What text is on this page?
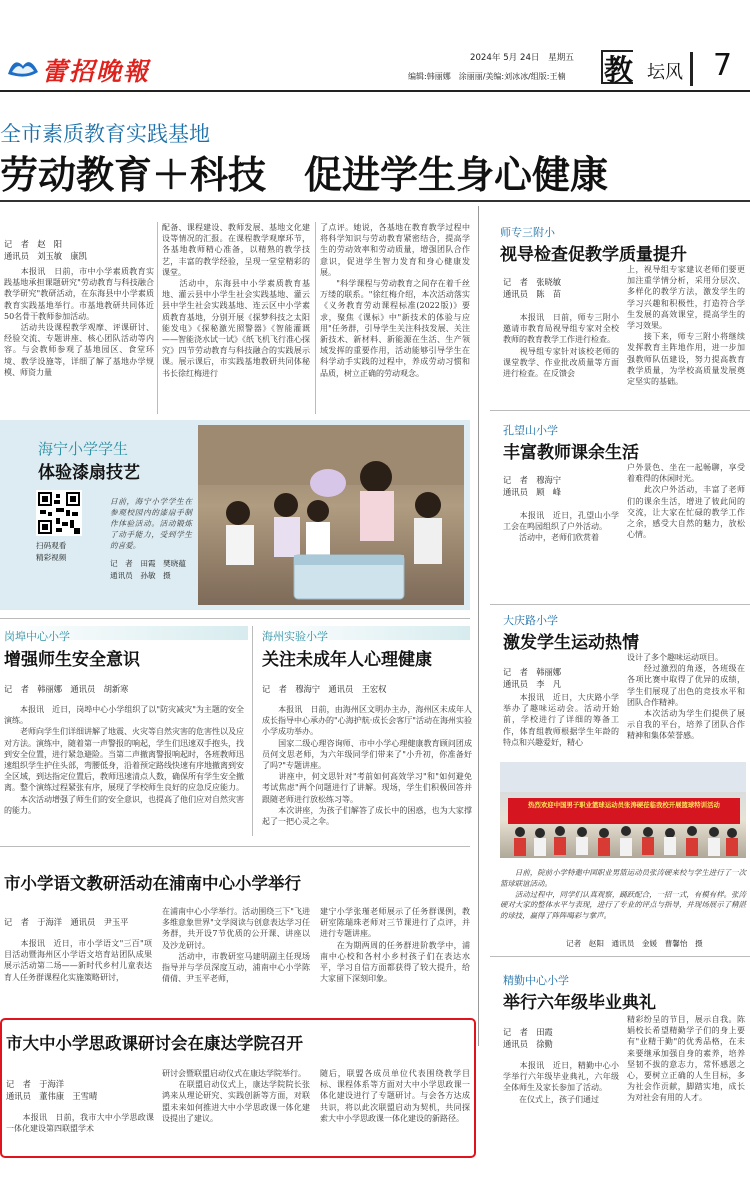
蕾招晚報	2024年 5月 24日　星期五
编辑:韩丽娜　涂丽丽/美编:刘冰冰/组版:王楠	教 坛风 7
全市素质教育实践基地
劳动教育＋科技　促进学生身心健康
记　者　赵　阳
通讯员　刘玉敏　康凯
　　本报讯　日前，市中小学素质教育实践基地承担课题研究"劳动教育与科技融合教学研究"教研活动，在东海县中小学素质教育实践基地举行。市基地教研共同体近50名骨干教师参加活动。
　　活动共设课程教学观摩、评课研讨、经验交流、专题讲座、核心团队活动等内容。与会教师参观了基地园区、食堂环境、教学设施等，详细了解了基地办学规模、师资力量
配备、课程建设、教师发展、基地文化建设等情况的汇报。在课程教学观摩环节，各基地教师精心准备，以精熟的教学技艺，丰富的教学经验，呈现一堂堂精彩的课堂。
　　活动中，东海县中小学素质教育基地、灌云县中小学生社会实践基地、灌云县中学生社会实践基地、连云区中小学素质教育基地，分别开展《探梦科技之太阳能发电》《探秘激光照警器》《智能灌溉——智能浇水试一试》《纸飞机飞行准心探究》四节劳动教育与科技融合的实践展示课。展示课后，市实践基地教研共同体秘书长徐红梅进行
了点评。她说，各基地在教育教学过程中将科学知识与劳动教育紧密结合，提高学生的劳动效率和劳动质量，增强团队合作意识，促进学生智力发育和身心健康发展。
　　"科学课程与劳动教育之间存在着千丝万缕的联系。"徐红梅介绍，本次活动落实《义务教育劳动课程标准(2022版)》要求，聚焦《课标》中"新技术的体验与应用"任务群，引导学生关注科技发展、关注新技术、新材料、新能源在生活、生产领域发挥的重要作用，活动能够引导学生在科学动手实践的过程中，养成劳动习惯和品质，树立正确的劳动观念。
师专三附小
视导检查促教学质量提升
记　者　张晓敏
通讯员　陈　苗
　　本报讯　日前，师专三附小邀请市教育局视导组专家对全校教师的教育教学工作进行检查。
　　视导组专家针对该校老师的课堂教学、作业批改质量等方面进行检查。在反馈会
上，视导组专家建议老师们要更加注重学情分析，采用分层次、多样化的教学方法，激发学生的学习兴趣和积极性，打造符合学生发展的高效课堂，提高学生的学习效果。
　　接下来，师专三附小将继续发挥教育主阵地作用，进一步加强教师队伍建设，努力提高教育教学质量，为学校高质量发展奠定坚实的基础。
海宁小学学生
体验漆扇技艺
扫码观看
精彩视频
日前，海宁小学学生在参观校园内的漆扇手制作体验活动。活动锻炼了动手能力，受到学生的喜爱。
记　者　田霞　樊晓蕴
通讯员　孙敏　摄
孔望山小学
丰富教师课余生活
记　者　穆海宁
通讯员　顾　峰
　　本报讯　近日，孔望山小学工会在鸣园组织了户外活动。
　　活动中，老师们欣赏着
户外景色、坐在一起畅聊，享受着难得的休闲时光。
　　此次户外活动，丰富了老师们的课余生活，增进了彼此间的交流，让大家在忙碌的教学工作之余，感受大自然的魅力，放松心情。
岗埠中心小学
增强师生安全意识
记　者　韩丽娜　通讯员　胡新寒
　　本报讯　近日，岗埠中心小学组织了以"防灾减灾"为主题的安全演练。
　　老师向学生们详细讲解了地震、火灾等自然灾害的危害性以及应对方法。演练中，随着第一声警报的响起，学生们迅速双手抱头，找到安全位置，进行紧急避险。当第二声撤离警报响起时，各班教师迅速组织学生护住头部，弯腰低身，沿着预定路线快速有序地撤离到安全区域，到达指定位置后，教师迅速清点人数，确保所有学生安全撤离。整个演练过程紧张有序，展现了学校师生良好的应急反应能力。
　　本次活动增强了师生们的安全意识，也提高了他们应对自然灾害的能力。
海州实验小学
关注未成年人心理健康
记　者　穆海宁　通讯员　王宏权
　　本报讯　日前，由海州区文明办主办，海州区未成年人成长指导中心承办的"心海护航·成长会客厅"活动在海州实验小学成功举办。
　　国家二级心理咨询师、市中小学心理健康教育顾问团成员何文思老师，为六年级同学们带来了"小升初，你准备好了吗?"专题讲座。
　　讲座中，何文思针对"考前如何高效学习"和"如何避免考试焦虑"两个问题进行了讲解。现场，学生们积极回答并跟随老师进行放松练习等。
　　本次讲座，为孩子们解答了成长中的困惑，也为大家撑起了一把心灵之伞。
大庆路小学
激发学生运动热情
记　者　韩丽娜
通讯员　李　凡
　　本报讯　近日，大庆路小学举办了趣味运动会。活动开始前，学校进行了详细的筹备工作，体育组教师根据学生年龄的特点和兴趣爱好，精心
设计了多个趣味运动项目。
　　经过激烈的角逐，各班级在各项比赛中取得了优异的成绩，学生们展现了出色的竞技水平和团队合作精神。
　　本次活动为学生们提供了展示自我的平台，培养了团队合作精神和集体荣誉感。
热烈欢迎中国男子职业篮球运动员张涛硬莅临我校开展篮球特训活动
　　日前，院前小学特邀中国职业男篮运动员张涛硬来校与学生进行了一次篮球联谊活动。
　　活动过程中，同学们认真观察，踊跃配合，一招一式，有模有样。张涛硬对大家的整体水平与表现，进行了专业的评点与指导，并现场展示了精湛的球技，赢得了阵阵喝彩与掌声。
记者　赵阳　通讯员　金媛　曹馨怡　摄
市小学语文教研活动在浦南中心小学举行
记　者　于海洋　通讯员　尹玉平
　　本报讯　近日，市小学语文"三百"项目活动暨海州区小学语文培育站团队成果展示活动第二场——新时代乡村儿童表达育人任务群课程化实施策略研讨，
在浦南中心小学举行。活动围绕三下"飞进多维意象世界"文学阅读与创意表达学习任务群，共开设7节优质的公开课、讲座以及沙龙研讨。
　　活动中，市教研室马建明副主任现场指导并与学员深度互动，浦南中心小学陈倩倩、尹玉平老师，
建宁小学张瑾老师展示了任务群课例，教研室陈瑞珠老师对三节课进行了点评，并进行专题讲座。
　　在为期两周的任务群进阶教学中，浦南中心校和各村小乡村孩子们在表达水平，学习自信方面都获得了较大提升，给大家留下深刻印象。
市大中小学思政课研讨会在康达学院召开
记　者　于海洋
通讯员　董伟康　王雪晴
　　本报讯　日前，我市大中小学思政课一体化建设第四联盟学术
研讨会暨联盟启动仪式在康达学院举行。
　　在联盟启动仪式上，康达学院院长张鸿来从理论研究、实践创新等方面，对联盟未来如何推进大中小学思政课一体化建设提出了建议。
随后，联盟各成员单位代表围绕教学目标、课程体系等方面对大中小学思政课一体化建设进行了专题研讨。与会各方达成共识，将以此次联盟启动为契机，共同探索大中小学思政课一体化建设的新路径。
精勤中心小学
举行六年级毕业典礼
记　者　田霞
通讯员　徐勤
　　本报讯　近日，精勤中心小学举行六年级毕业典礼，六年级全体师生及家长参加了活动。
　　在仪式上，孩子们通过
精彩纷呈的节目，展示自我。陈娟校长希望精勤学子们的身上要有"业精于勤"的优秀品格，在未来要继承加强自身的素养，培养坚韧不拔的意志力，常怀感恩之心，要树立正确的人生目标，多为社会作贡献，脚踏实地，成长为对社会有用的人才。
